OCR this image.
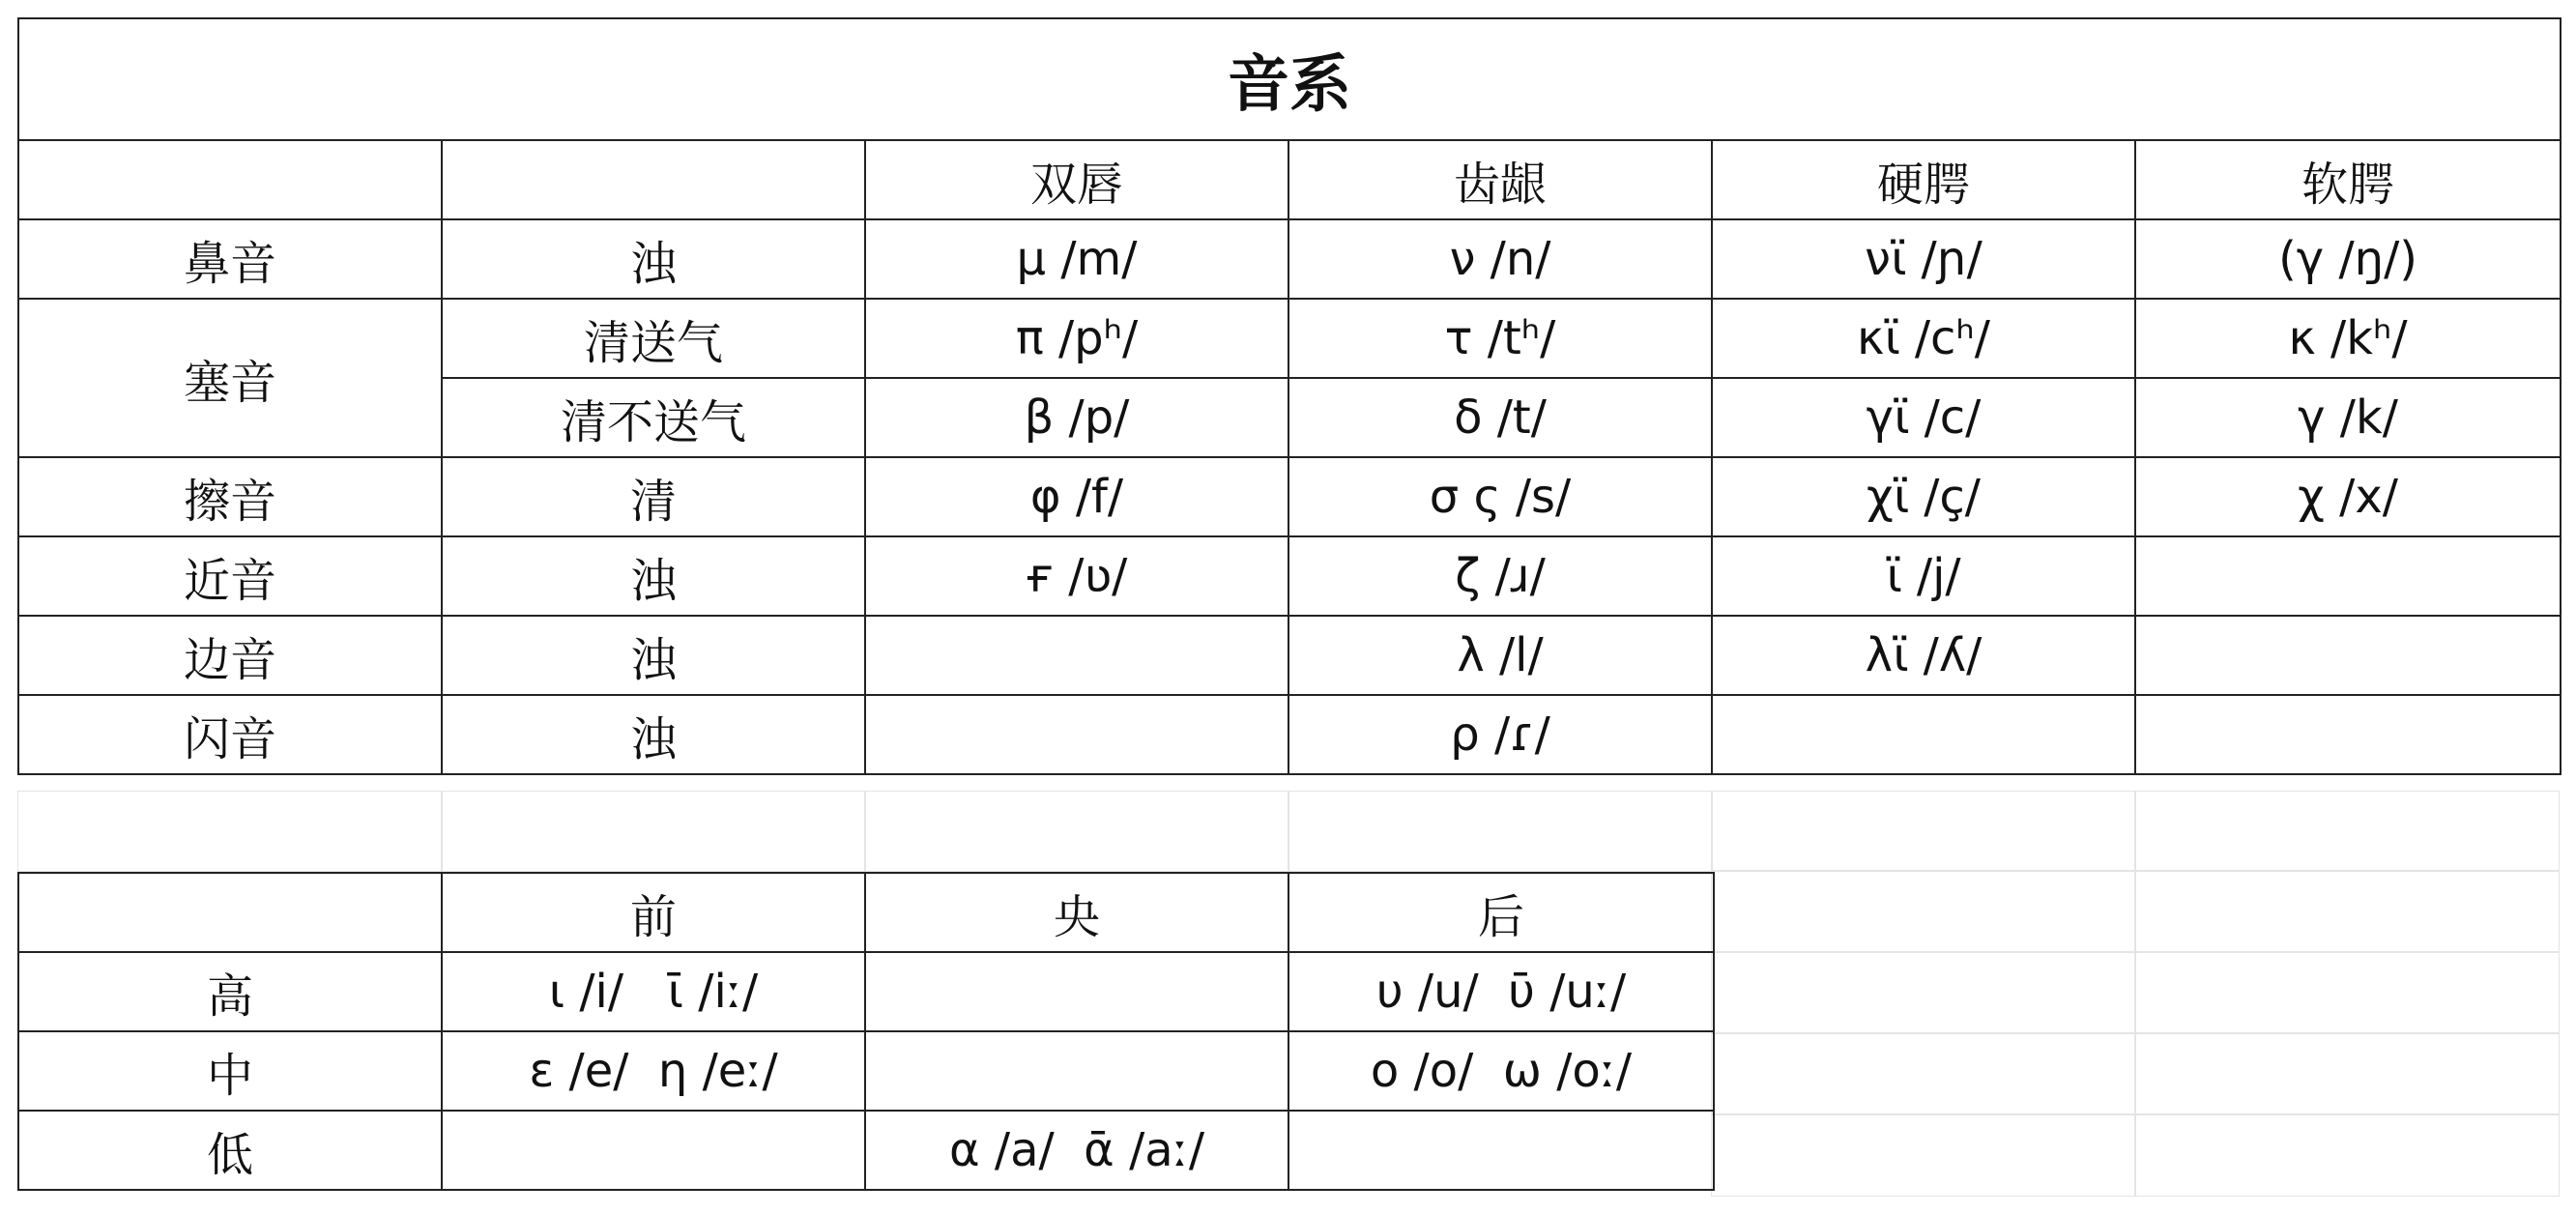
音系					
		双唇	齿龈	硬腭	软腭
鼻音	浊	μ /m/	ν /n/	νϊ /ɲ/	(γ /ŋ/)
塞音	清送气	π /pʰ/	τ /tʰ/	κϊ /cʰ/	κ /kʰ/
	清不送气	β /p/	δ /t/	γϊ /c/	γ /k/
擦音	清	φ /f/	σ ς /s/	χϊ /ç/	χ /x/
近音	浊	ғ /ʋ/	ζ /ɹ/	ϊ /j/	
边音	浊		λ /l/	λϊ /ʎ/	
闪音	浊		ρ /ɾ/		
	前	央	后
高	ι /i/   ῑ /iː/		υ /u/  ῡ /uː/
中	ε /e/  η /eː/		ο /o/  ω /oː/
低		α /a/  ᾱ /aː/	
